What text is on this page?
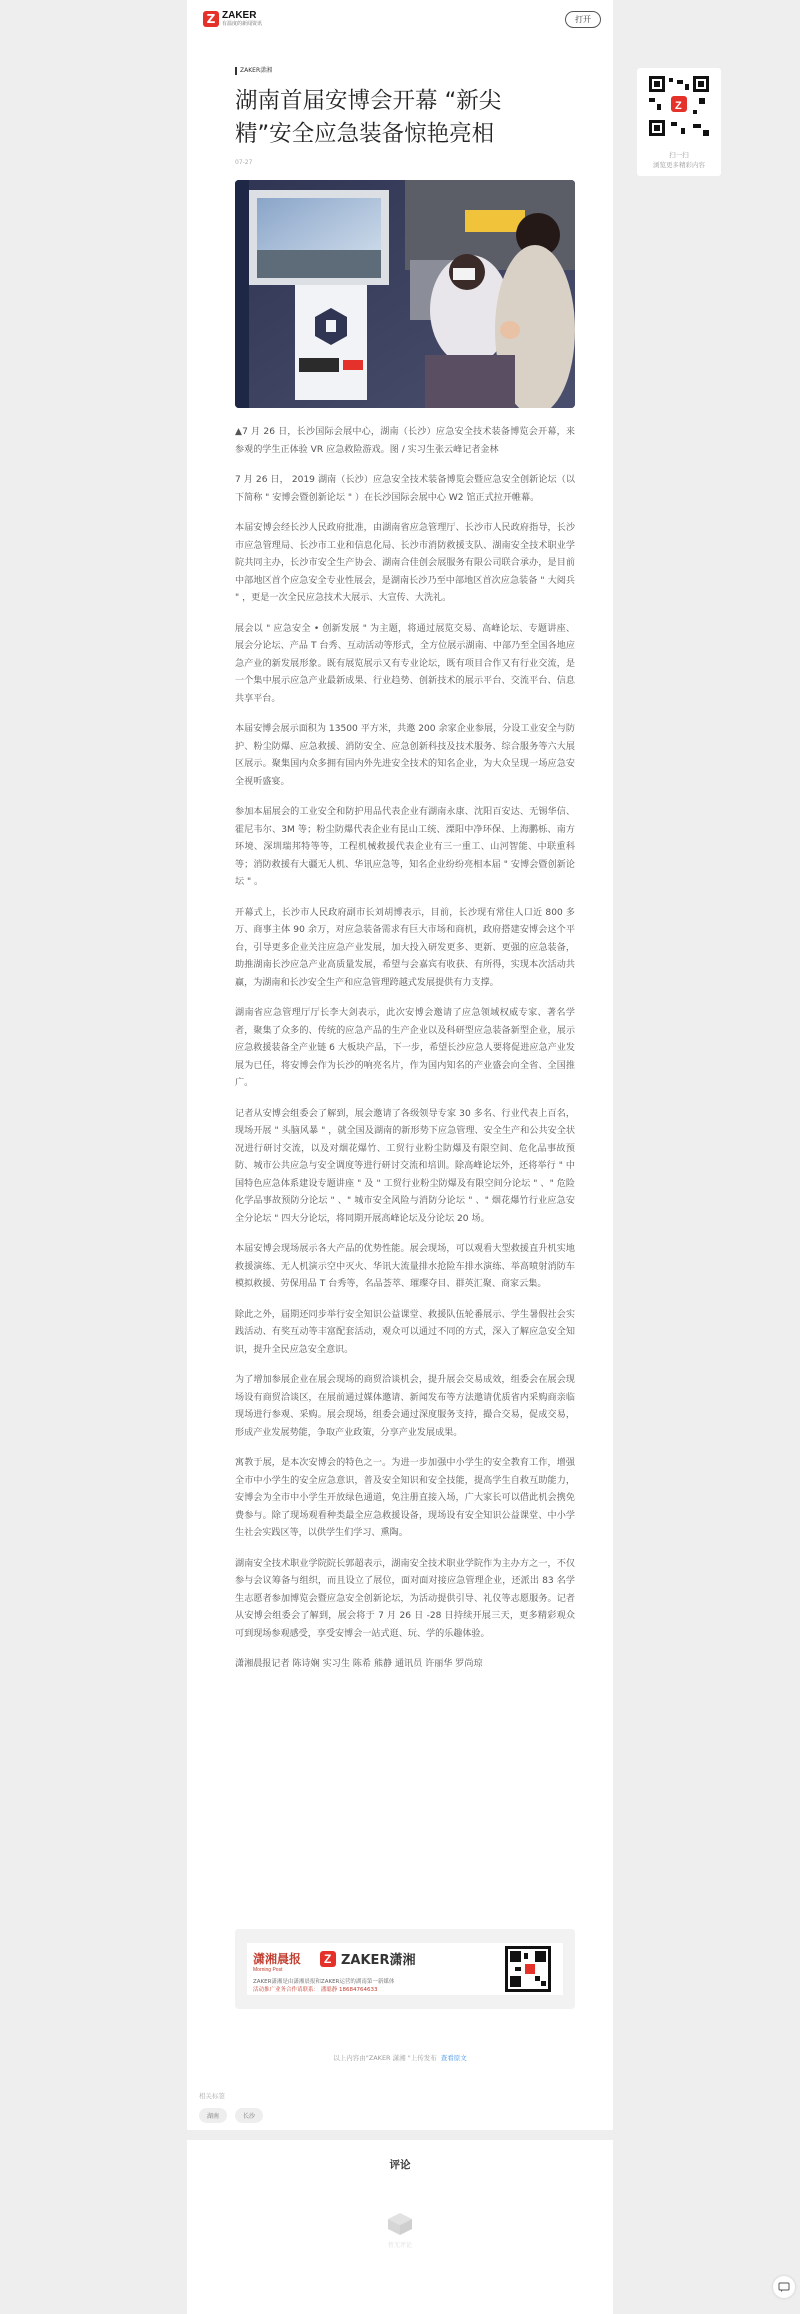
Z ZAKER
有温度的新闻资讯
打开
ZAKER潇湘
湖南首届安博会开幕 “新尖精”安全应急装备惊艳亮相
07-27

▲7 月 26 日，长沙国际会展中心，湖南（长沙）应急安全技术装备博览会开幕，来参观的学生正体验 VR 应急救险游戏。图 / 实习生张云峰记者金林

7 月 26 日， 2019 湖南（长沙）应急安全技术装备博览会暨应急安全创新论坛（以下简称 " 安博会暨创新论坛 " ）在长沙国际会展中心 W2 馆正式拉开帷幕。

本届安博会经长沙人民政府批准，由湖南省应急管理厅、长沙市人民政府指导，长沙市应急管理局、长沙市工业和信息化局、长沙市消防救援支队、湖南安全技术职业学院共同主办，长沙市安全生产协会、湖南合佳创会展服务有限公司联合承办，是目前中部地区首个应急安全专业性展会，是湖南长沙乃至中部地区首次应急装备 " 大阅兵 " ，更是一次全民应急技术大展示、大宣传、大洗礼。

展会以 " 应急安全 • 创新发展 " 为主题，将通过展览交易、高峰论坛、专题讲座、展会分论坛、产品 T 台秀、互动活动等形式，全方位展示湖南、中部乃至全国各地应急产业的新发展形象。既有展览展示又有专业论坛，既有项目合作又有行业交流，是一个集中展示应急产业最新成果、行业趋势、创新技术的展示平台、交流平台、信息共享平台。

本届安博会展示面积为 13500 平方米，共邀 200 余家企业参展，分设工业安全与防护、粉尘防爆、应急救援、消防安全、应急创新科技及技术服务、综合服务等六大展区展示。聚集国内众多拥有国内外先进安全技术的知名企业，为大众呈现一场应急安全视听盛宴。

参加本届展会的工业安全和防护用品代表企业有湖南永康、沈阳百安达、无锡华信、霍尼韦尔、3M 等；粉尘防爆代表企业有昆山工统、溧阳中净环保、上海鹏栎、南方环境、深圳瑞邦特等等，工程机械救援代表企业有三一重工、山河智能、中联重科等；消防救援有大疆无人机、华讯应急等，知名企业纷纷亮相本届 " 安博会暨创新论坛 " 。

开幕式上，长沙市人民政府副市长刘胡博表示，目前，长沙现有常住人口近 800 多万、商事主体 90 余万，对应急装备需求有巨大市场和商机，政府搭建安博会这个平台，引导更多企业关注应急产业发展，加大投入研发更多、更新、更强的应急装备，助推湖南长沙应急产业高质量发展，希望与会嘉宾有收获、有所得，实现本次活动共赢，为湖南和长沙安全生产和应急管理跨越式发展提供有力支撑。

湖南省应急管理厅厅长李大剑表示，此次安博会邀请了应急领域权威专家、著名学者，聚集了众多的、传统的应急产品的生产企业以及科研型应急装备新型企业，展示应急救援装备全产业链 6 大板块产品，下一步，希望长沙应急人要将促进应急产业发展为已任，将安博会作为长沙的响亮名片，作为国内知名的产业盛会向全省、全国推广。

记者从安博会组委会了解到，展会邀请了各级领导专家 30 多名、行业代表上百名，现场开展 " 头脑风暴 " ，就全国及湖南的新形势下应急管理、安全生产和公共安全状况进行研讨交流，以及对烟花爆竹、工贸行业粉尘防爆及有限空间、危化品事故预防、城市公共应急与安全调度等进行研讨交流和培训。除高峰论坛外，还将举行 " 中国特色应急体系建设专题讲座 " 及 " 工贸行业粉尘防爆及有限空间分论坛 " 、" 危险化学品事故预防分论坛 " 、" 城市安全风险与消防分论坛 " 、" 烟花爆竹行业应急安全分论坛 " 四大分论坛，将同期开展高峰论坛及分论坛 20 场。

本届安博会现场展示各大产品的优势性能。展会现场，可以观看大型救援直升机实地救援演练、无人机演示空中灭火、华讯大流量排水抢险车排水演练、举高喷射消防车模拟救援、劳保用品 T 台秀等，名品荟萃、璀璨夺目、群英汇聚、商家云集。

除此之外，届期还同步举行安全知识公益课堂、救援队伍轮番展示、学生暑假社会实践活动、有奖互动等丰富配套活动，观众可以通过不同的方式，深入了解应急安全知识，提升全民应急安全意识。

为了增加参展企业在展会现场的商贸洽谈机会，提升展会交易成效，组委会在展会现场设有商贸洽谈区，在展前通过媒体邀请、新闻发布等方法邀请优质省内采购商亲临现场进行参观、采购。展会现场，组委会通过深度服务支持，撮合交易，促成交易，形成产业发展势能，争取产业政策，分享产业发展成果。

寓教于展，是本次安博会的特色之一。为进一步加强中小学生的安全教育工作，增强全市中小学生的安全应急意识，普及安全知识和安全技能，提高学生自救互助能力，安博会为全市中小学生开放绿色通道，免注册直接入场，广大家长可以借此机会携免费参与。除了现场观看种类最全应急救援设备，现场设有安全知识公益课堂、中小学生社会实践区等，以供学生们学习、熏陶。

湖南安全技术职业学院院长郭超表示，湖南安全技术职业学院作为主办方之一，不仅参与会议筹备与组织，而且设立了展位，面对面对接应急管理企业，还派出 83 名学生志愿者参加博览会暨应急安全创新论坛，为活动提供引导、礼仪等志愿服务。记者从安博会组委会了解到，展会将于 7 月 26 日 -28 日持续开展三天，更多精彩观众可到现场参观感受，享受安博会一站式逛、玩、学的乐趣体验。

潇湘晨报记者 陈诗娴 实习生 陈希 熊静 通讯员 许丽华 罗尚琼

潇湘晨报
Morning Post
Z ZAKER潇湘
ZAKER潇湘是由潇湘晨报和ZAKER运营的湖南第一新媒体
活动推广业务合作请联系： 潘聪静 18684764633
以上内容由"ZAKER 潇湘 "上传发布 查看原文
相关标签
湖南	长沙
评论
暂无评论
Z
扫一扫
浏览更多精彩内容
